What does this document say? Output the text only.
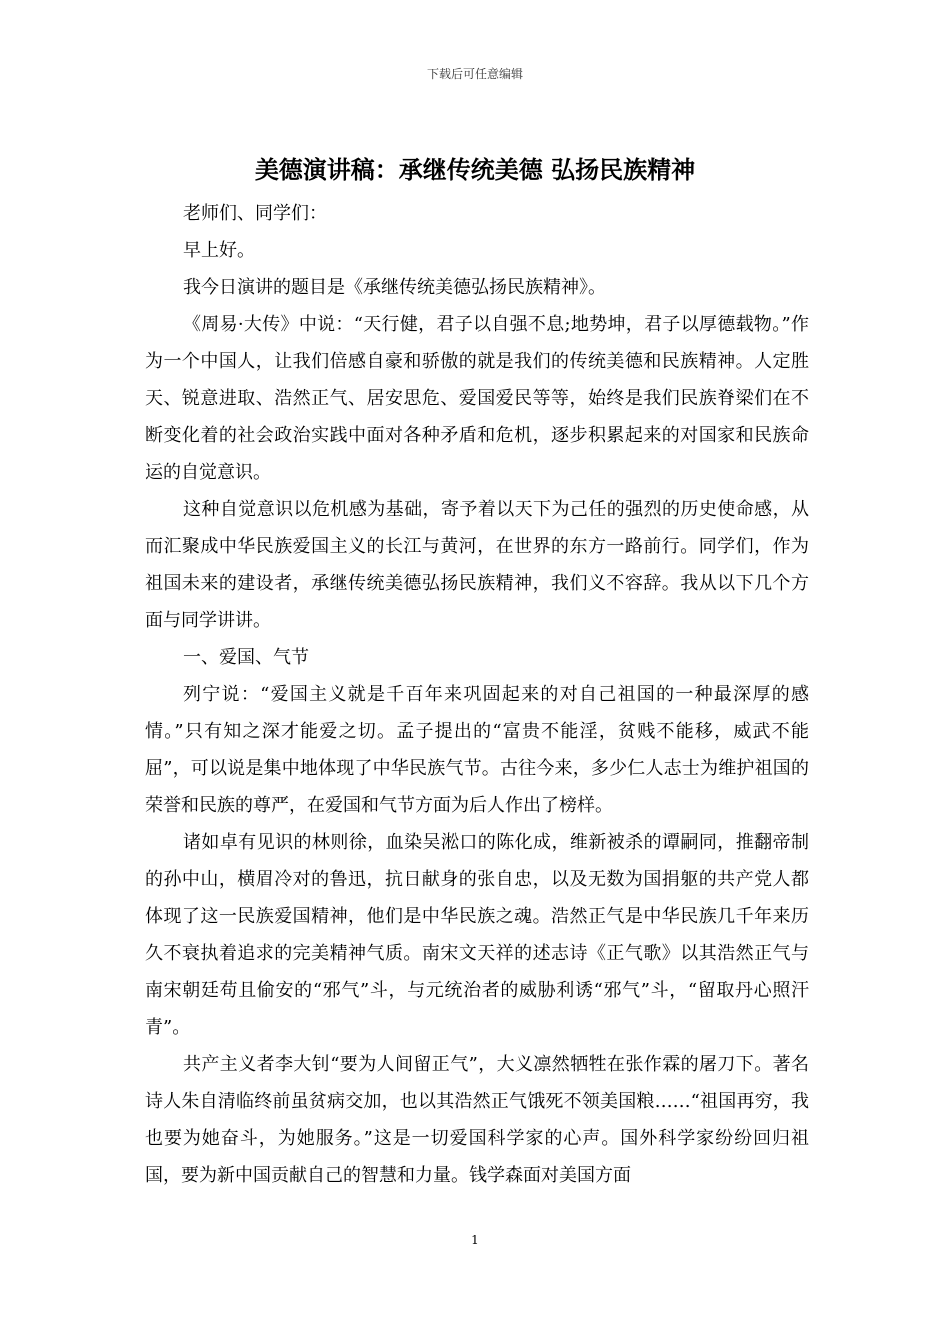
下载后可任意编辑
美德演讲稿：承继传统美德 弘扬民族精神

老师们、同学们：

早上好。

我今日演讲的题目是《承继传统美德弘扬民族精神》。

《周易·大传》中说：“天行健，君子以自强不息;地势坤，君子以厚德载物。”作为一个中国人，让我们倍感自豪和骄傲的就是我们的传统美德和民族精神。人定胜天、锐意进取、浩然正气、居安思危、爱国爱民等等，始终是我们民族脊梁们在不断变化着的社会政治实践中面对各种矛盾和危机，逐步积累起来的对国家和民族命运的自觉意识。

这种自觉意识以危机感为基础，寄予着以天下为己任的强烈的历史使命感，从而汇聚成中华民族爱国主义的长江与黄河，在世界的东方一路前行。同学们，作为祖国未来的建设者，承继传统美德弘扬民族精神，我们义不容辞。我从以下几个方面与同学讲讲。

一、爱国、气节

列宁说：“爱国主义就是千百年来巩固起来的对自己祖国的一种最深厚的感情。”只有知之深才能爱之切。孟子提出的“富贵不能淫，贫贱不能移，威武不能屈”，可以说是集中地体现了中华民族气节。古往今来，多少仁人志士为维护祖国的荣誉和民族的尊严，在爱国和气节方面为后人作出了榜样。

诸如卓有见识的林则徐，血染吴淞口的陈化成，维新被杀的谭嗣同，推翻帝制的孙中山，横眉冷对的鲁迅，抗日献身的张自忠，以及无数为国捐躯的共产党人都体现了这一民族爱国精神，他们是中华民族之魂。浩然正气是中华民族几千年来历久不衰执着追求的完美精神气质。南宋文天祥的述志诗《正气歌》以其浩然正气与南宋朝廷苟且偷安的“邪气”斗，与元统治者的威胁利诱“邪气”斗，“留取丹心照汗青”。

共产主义者李大钊“要为人间留正气”，大义凛然牺牲在张作霖的屠刀下。著名诗人朱自清临终前虽贫病交加，也以其浩然正气饿死不领美国粮……“祖国再穷，我也要为她奋斗，为她服务。”这是一切爱国科学家的心声。国外科学家纷纷回归祖国，要为新中国贡献自己的智慧和力量。钱学森面对美国方面

1
